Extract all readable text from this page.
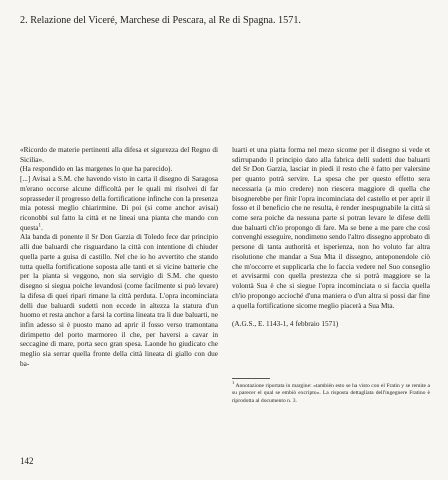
2. Relazione del Viceré, Marchese di Pescara, al Re di Spagna. 1571.

«Ricordo de materie pertinenti alla difesa et sigurezza del Regno di Sicilia».

(Ha respondido en las margenes lo que ha parecido).

[...] Avisai a S.M. che havendo visto in carta il disegno di Saragosa m'erano occorse alcune difficoltà per le quali mi risolvei di far soprasseder il progresso della fortificatione infinche con la presenza mia potessi meglio chiarirmine. Di poi (si come anchor avisai) riconobbi sul fatto la città et ne lineai una pianta che mando con questa$^1$.

Ala banda di ponente il Sr Don Garzia di Toledo fece dar principio alli due baluardi che risguardano la città con intentione di chiuder quella parte a guisa di castillo. Nel che io ho avvertito che stando tutta quella fortificatione soposta alle tanti et si vicine batterie che per la pianta si veggono, non sia servigio di S.M. che questo disegno si siegua poiche levandosi (come facilmente si può levare) la difesa di quei ripari rimane la città perduta. L'opra incominciata delli due baluardi sudetti non eccede in altezza la statura d'un huomo et resta anchor a farsi la cortina lineata tra li due baluarti, ne infin adesso si è puosto mano ad aprir il fosso verso tramontana dirimpetto del porto marmoreo il che, per haversi a cavar in seccagine di mare, porta seco gran spesa. Laonde ho giudicato che meglio sia serrar quella fronte della città lineata di giallo con due ba-

luarti et una piatta forma nel mezo sicome per il disegno si vede et sdirrupando il principio dato alla fabrica delli sudetti due baluarti del Sr Don Garzia, lasciar in piedi il resto che è fatto per valersine per quanto potrà servire. La spesa che per questo effetto sera necessaria (a mio credere) non riescera maggiore di quella che bisognerebbe per finir l'opra incominciata del castello et per aprir il fosso et il beneficio che ne resulta, è render inespugnabile la città si come sera poiche da nessuna parte si potran levare le difese delli due baluarti ch'io propongo di fare. Ma se bene a me pare che così convenghi esseguire, nondimeno sendo l'altro dissegno approbato di persone di tanta authorità et isperienza, non ho voluto far altra risolutione che mandar a Sua Mta il dissegno, anteponendole ciò che m'occorre et supplicarla che lo faccia vedere nel Suo conseglio et avvisarmi con quella prestezza che si potrà maggiore se la volontà Sua è che si siegue l'opra incominciata o si faccia quella ch'io propongo accioché d'una maniera o d'un altra si possi dar fine a quella fortificatione sicome meglio piacerà a Sua Mta.

(A.G.S., E. 1143-1, 4 febbraio 1571)

$^1$ Annotazione riportata in margine: «también esto se ha visto con el Fratin y se remite a su parecer el qual se embiò excripto». La risposta dettagliata dell'ingegnere Fratino è riprodotta al documento n. 3.
142
